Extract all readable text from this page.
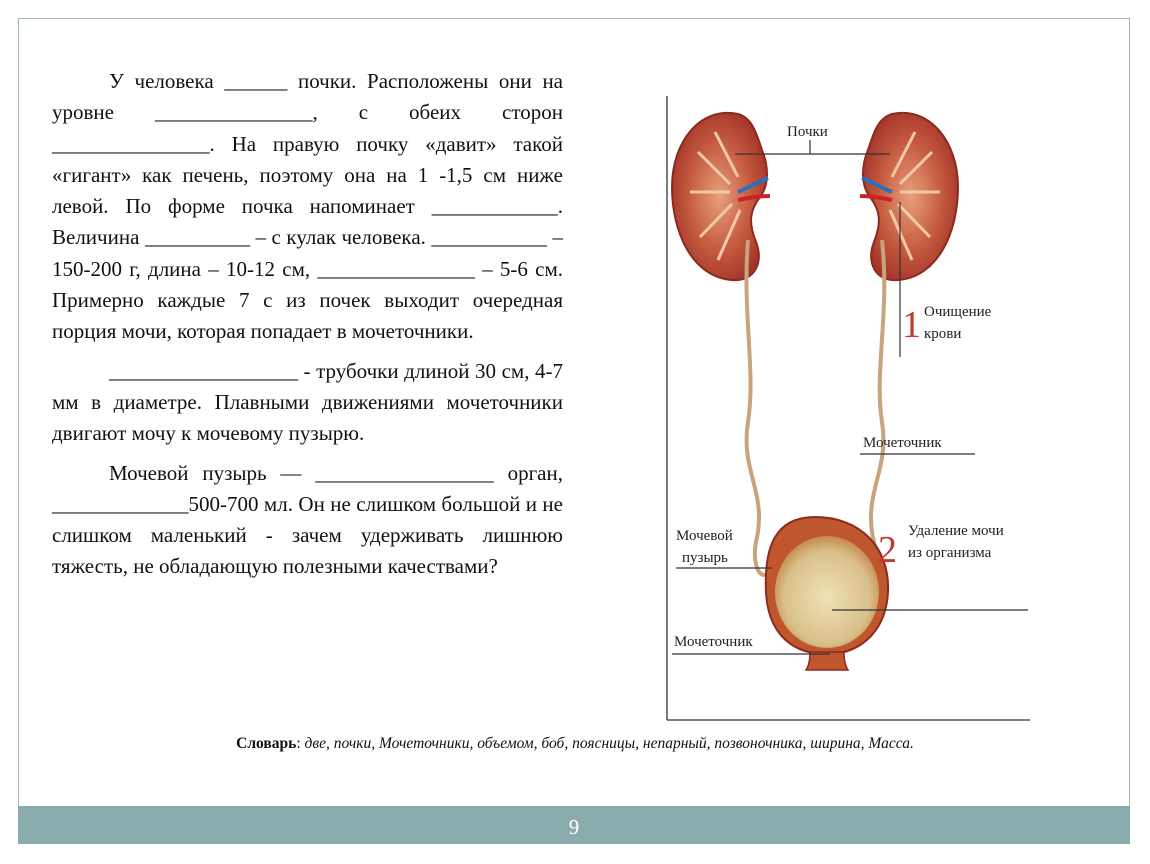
У человека ______ почки. Расположены они на уровне _______________, с обеих сторон _______________. На правую почку «давит» такой «гигант» как печень, поэтому она на 1 -1,5 см ниже левой. По форме почка напоминает ____________. Величина __________ – с кулак человека. ___________ – 150-200 г, длина – 10-12 см, _______________ – 5-6 см. Примерно каждые 7 с из почек выходит очередная порция мочи, которая попадает в мочеточники.

__________________ - трубочки длиной 30 см, 4-7 мм в диаметре. Плавными движениями мочеточники двигают мочу к мочевому пузырю.

Мочевой пузырь — _________________ орган, _____________500-700 мл. Он не слишком большой и не слишком маленький - зачем удерживать лишнюю тяжесть, не обладающую полезными качествами?

Почки
1 Очищение
крови
Мочеточник
Мочевой
пузырь	2 Удаление мочи
из организма
Мочеточник
Словарь: две, почки, Мочеточники, объемом, боб, поясницы, непарный, позвоночника, ширина, Масса.
9
